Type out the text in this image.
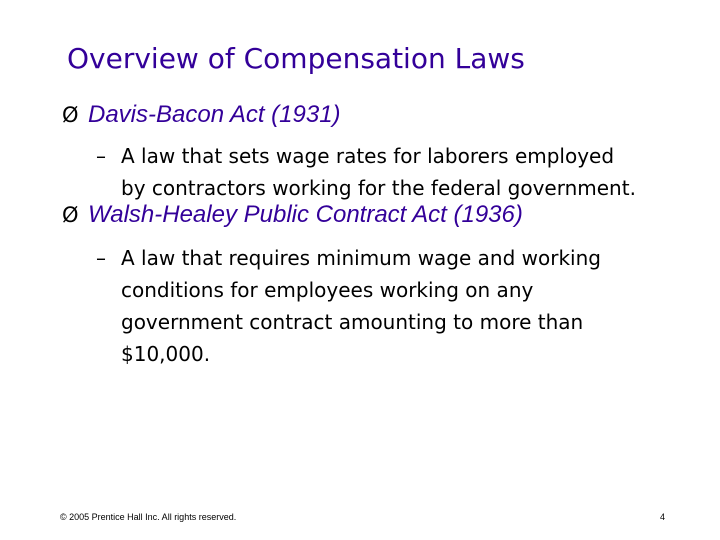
Overview of Compensation Laws
Ø Davis-Bacon Act (1931)
– A law that sets wage rates for laborers employed
by contractors working for the federal government.
Ø Walsh-Healey Public Contract Act (1936)
– A law that requires minimum wage and working
conditions for employees working on any
government contract amounting to more than
$10,000.
© 2005 Prentice Hall Inc. All rights reserved.	4
